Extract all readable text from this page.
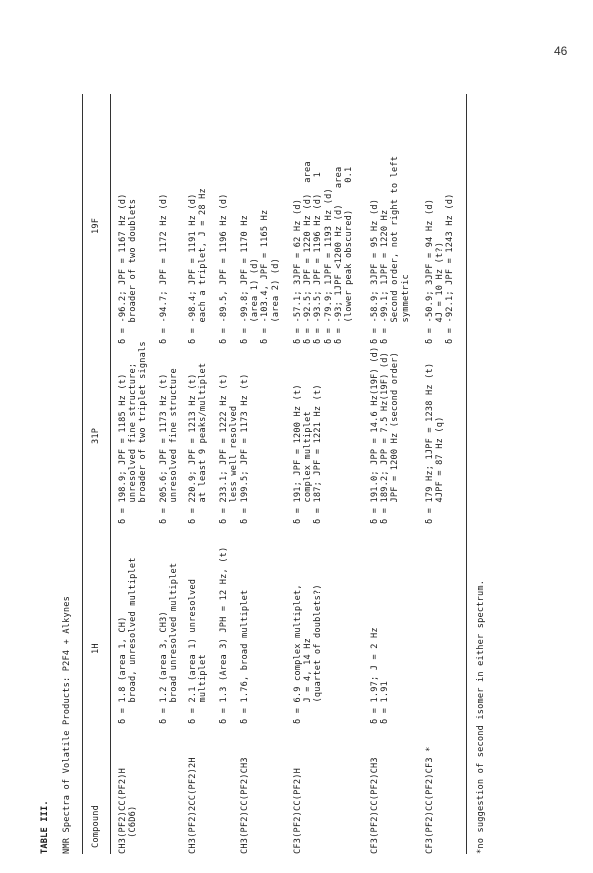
46
TABLE III. NMR Spectra of Volatile Products: P2F4 + Alkynes Compound
1H
31P
19F
CH3(PF2)CC(PF2)H
(C6D6)
δ = 1.8 (area 1, CH)
broad, unresolved multiplet

δ = 1.2 (area 3, CH3)
broad unresolved multiplet
δ = 198.9; JPF = 1185 Hz (t)
unresolved fine structure;
broader of two triplet signals

δ = 205.6; JPF = 1173 Hz (t)
unresolved fine structure
δ = -96.2; JPF = 1167 Hz (d)
broader of two doublets

δ = -94.7; JPF = 1172 Hz (d)
CH3(PF2)2CC(PF2)2H
δ = 2.1 (area 1) unresolved
multiplet

δ = 1.3 (Area 3) JPH = 12 Hz, (t)
δ = 220.9; JPF = 1213 Hz (t)
at least 9 peaks/multiplet

δ = 233.1; JPF = 1222 Hz (t)
less well resolved
δ = -98.4; JPF = 1191 Hz (d)
each a triplet, J = 28 Hz

δ = -89.5, JPF = 1196 Hz (d)
CH3(PF2)CC(PF2)CH3
δ = 1.76, broad multiplet
δ = 199.5; JPF = 1173 Hz (t)
δ = -99.8; JPF = 1170 Hz
(area 1) (d)
δ = -103.4, JPF = 1165 Hz
(area 2) (d)
CF3(PF2)CC(PF2)H
δ = 6.9 complex multiplet,
J = 4, 14 Hz
(quartet of doublets?)
δ = 191; JPF = 1200 Hz (t)
complex multiplet
δ = 187; JPF = 1221 Hz (t)
δ = -57.1; 3JPF = 62 Hz (d)
δ = -92.5; JPF = 1220 Hz (d)  area
δ = -93.5; JPF = 1196 Hz (d)   1
δ = -79.9; 1JPF = 1193 Hz (d)
δ = -93; 1JPF <1200 Hz (d)   area
(lower peak obscured)     0.1
CF3(PF2)CC(PF2)CH3
δ = 1.97; J = 2 Hz
δ = 1.91
δ = 191.0; JPP = 14.6 Hz(19F) (d)
δ = 189.2; JPP = 7.5 Hz(19F) (d)
JPF = 1200 Hz (second order)
δ = -58.9; 3JPF = 95 Hz (d)
δ = -99.1; 1JPF = 1220 Hz
Second order, not right to left
symmetric
CF3(PF2)CC(PF2)CF3 *
δ = 179 Hz; 1JPF = 1238 Hz (t)
4JPF = 87 Hz (q)
δ = -50.9; 3JPF = 94 Hz (d)
4J = 10 Hz (t?)
δ = -92.1; JPF = 1243 Hz (d)
*no suggestion of second isomer in either spectrum.
